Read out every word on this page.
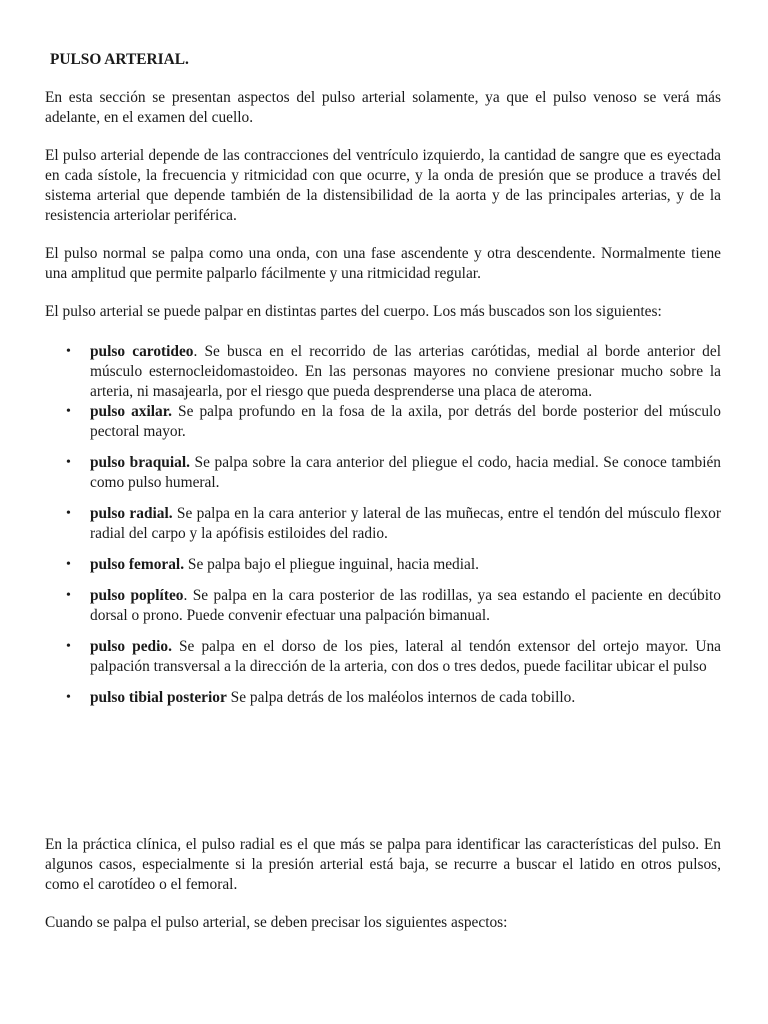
PULSO ARTERIAL.

En esta sección se presentan aspectos del pulso arterial solamente, ya que el pulso venoso se verá más adelante, en el examen del cuello.

El pulso arterial depende de las contracciones del ventrículo izquierdo, la cantidad de sangre que es eyectada en cada sístole, la frecuencia y ritmicidad con que ocurre, y la onda de presión que se produce a través del sistema arterial que depende también de la distensibilidad de la aorta y de las principales arterias, y de la resistencia arteriolar periférica.

El pulso normal se palpa como una onda, con una fase ascendente y otra descendente. Normalmente tiene una amplitud que permite palparlo fácilmente y una ritmicidad regular.

El pulso arterial se puede palpar en distintas partes del cuerpo. Los más buscados son los siguientes:

• pulso carotideo. Se busca en el recorrido de las arterias carótidas, medial al borde anterior del músculo esternocleidomastoideo. En las personas mayores no conviene presionar mucho sobre la arteria, ni masajearla, por el riesgo que pueda desprenderse una placa de ateroma.
• pulso axilar. Se palpa profundo en la fosa de la axila, por detrás del borde posterior del músculo pectoral mayor.
• pulso braquial. Se palpa sobre la cara anterior del pliegue el codo, hacia medial. Se conoce también como pulso humeral.
• pulso radial. Se palpa en la cara anterior y lateral de las muñecas, entre el tendón del músculo flexor radial del carpo y la apófisis estiloides del radio.
• pulso femoral. Se palpa bajo el pliegue inguinal, hacia medial.
• pulso poplíteo. Se palpa en la cara posterior de las rodillas, ya sea estando el paciente en decúbito dorsal o prono. Puede convenir efectuar una palpación bimanual.
• pulso pedio. Se palpa en el dorso de los pies, lateral al tendón extensor del ortejo mayor. Una palpación transversal a la dirección de la arteria, con dos o tres dedos, puede facilitar ubicar el pulso
• pulso tibial posterior Se palpa detrás de los maléolos internos de cada tobillo.

En la práctica clínica, el pulso radial es el que más se palpa para identificar las características del pulso. En algunos casos, especialmente si la presión arterial está baja, se recurre a buscar el latido en otros pulsos, como el carotídeo o el femoral.

Cuando se palpa el pulso arterial, se deben precisar los siguientes aspectos:
